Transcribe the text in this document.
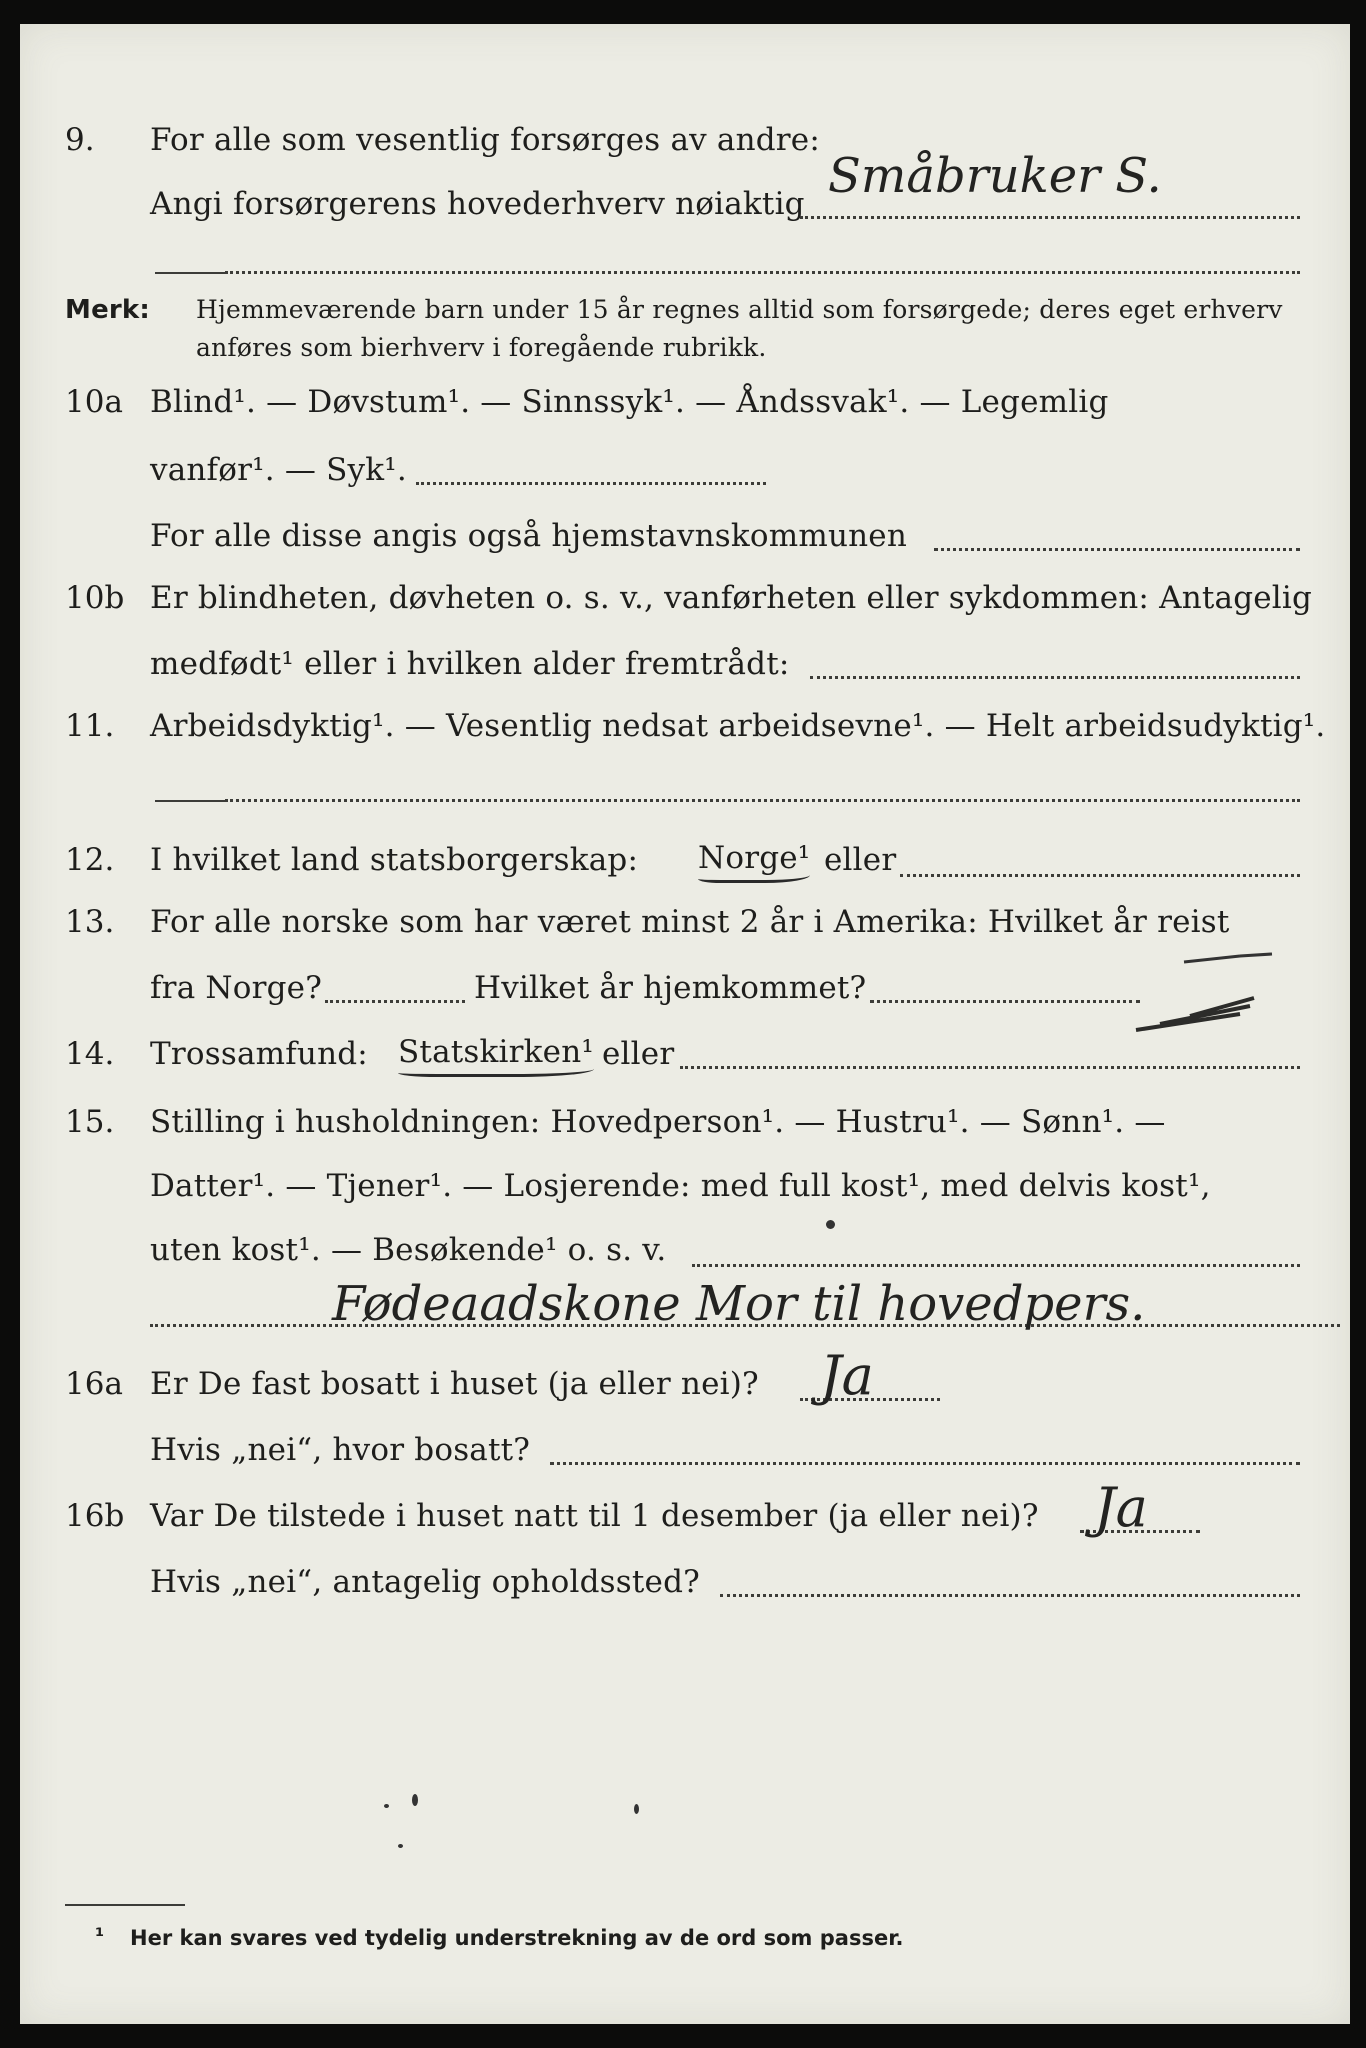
9. For alle som vesentlig forsørges av andre:
Angi forsørgerens hovederhverv nøiaktig Småbruker S.
Merk: Hjemmeværende barn under 15 år regnes alltid som forsørgede; deres eget erhverv
anføres som bierhverv i foregående rubrikk.
10a Blind¹. — Døvstum¹. — Sinnssyk¹. — Åndssvak¹. — Legemlig
vanfør¹. — Syk¹.
For alle disse angis også hjemstavnskommunen
10b Er blindheten, døvheten o. s. v., vanførheten eller sykdommen: Antagelig
medfødt¹ eller i hvilken alder fremtrådt:
11. Arbeidsdyktig¹. — Vesentlig nedsat arbeidsevne¹. — Helt arbeidsudyktig¹.
12. I hvilket land statsborgerskap: Norge¹ eller
13. For alle norske som har været minst 2 år i Amerika: Hvilket år reist
fra Norge?	Hvilket år hjemkommet?
14. Trossamfund: Statskirken¹ eller
15. Stilling i husholdningen: Hovedperson¹. — Hustru¹. — Sønn¹. —
Datter¹. — Tjener¹. — Losjerende: med full kost¹, med delvis kost¹,
uten kost¹. — Besøkende¹ o. s. v.
Fødeaadskone Mor til hovedpers.
16a Er De fast bosatt i huset (ja eller nei)? Ja
Hvis „nei“, hvor bosatt?
16b Var De tilstede i huset natt til 1 desember (ja eller nei)? Ja
Hvis „nei“, antagelig opholdssted?
¹ Her kan svares ved tydelig understrekning av de ord som passer.
